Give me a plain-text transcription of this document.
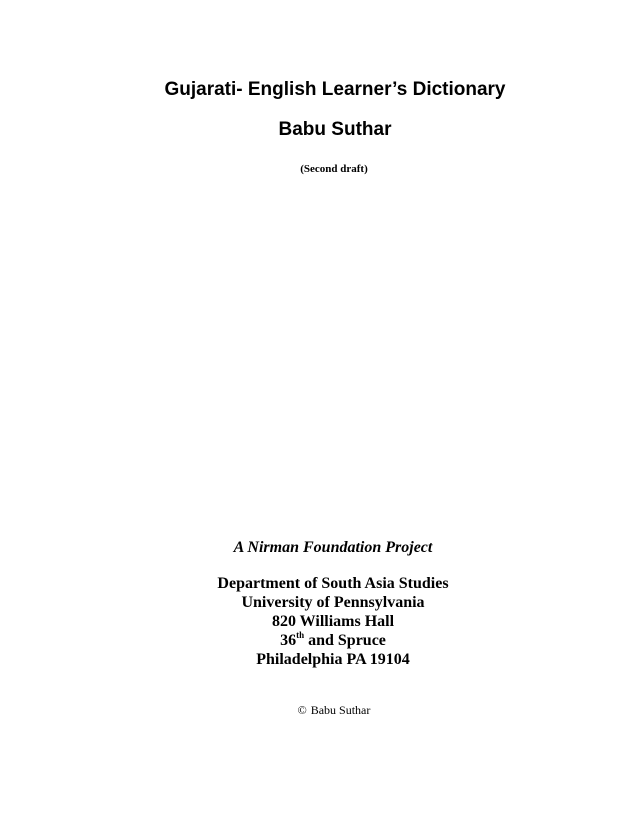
Gujarati- English Learner’s Dictionary
Babu Suthar
(Second draft)
A Nirman Foundation Project
Department of South Asia Studies
University of Pennsylvania
820 Williams Hall
36th and Spruce
Philadelphia PA 19104
© Babu Suthar
